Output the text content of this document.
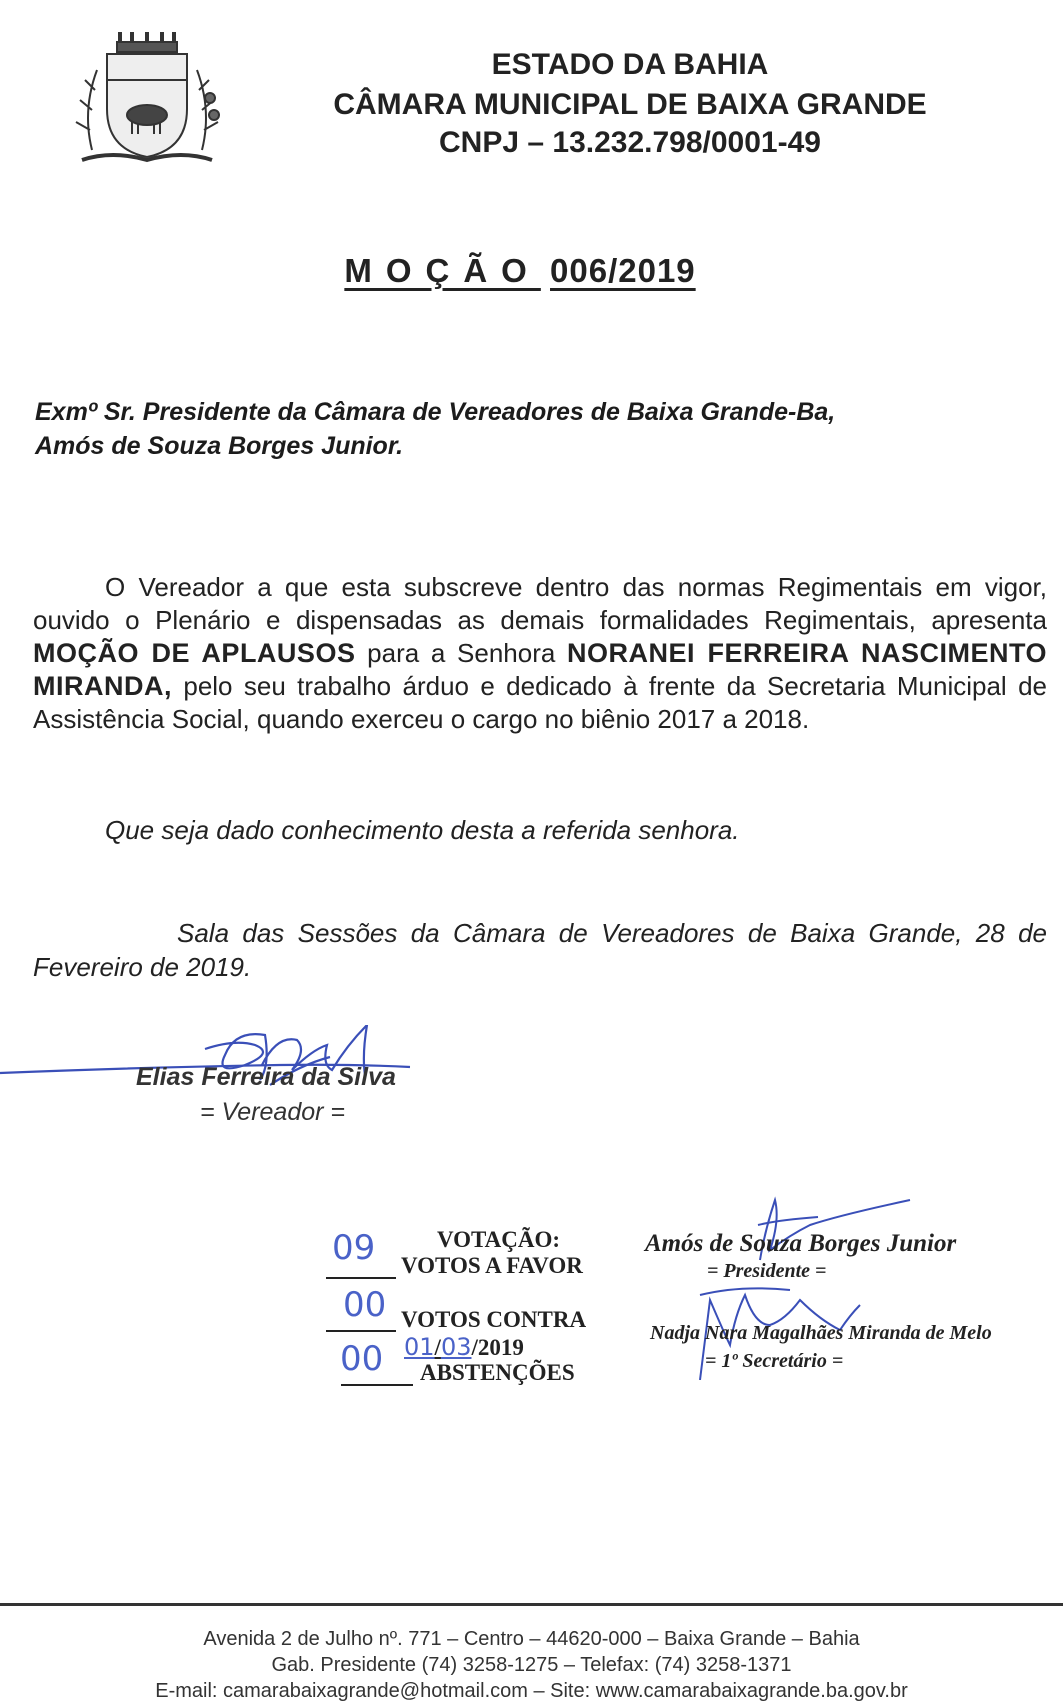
ESTADO DA BAHIA
CÂMARA MUNICIPAL DE BAIXA GRANDE
CNPJ – 13.232.798/0001-49
MOÇÃO 006/2019
Exmº Sr. Presidente da Câmara de Vereadores de Baixa Grande-Ba,
Amós de Souza Borges Junior.
O Vereador a que esta subscreve dentro das normas Regimentais em vigor, ouvido o Plenário e dispensadas as demais formalidades Regimentais, apresenta MOÇÃO DE APLAUSOS para a Senhora NORANEI FERREIRA NASCIMENTO MIRANDA, pelo seu trabalho árduo e dedicado à frente da Secretaria Municipal de Assistência Social, quando exerceu o cargo no biênio 2017 a 2018.
Que seja dado conhecimento desta a referida senhora.
Sala das Sessões da Câmara de Vereadores de Baixa Grande, 28 de Fevereiro de 2019.
Elias Ferreira da Silva
= Vereador =
VOTAÇÃO:
09 VOTOS A FAVOR
00 VOTOS CONTRA
01/03/2019
00 ABSTENÇÕES
Amós de Souza Borges Junior
= Presidente =
Nadja Nara Magalhães Miranda de Melo
= 1º Secretário =
Avenida 2 de Julho nº. 771 – Centro – 44620-000 – Baixa Grande – Bahia
Gab. Presidente (74) 3258-1275 – Telefax: (74) 3258-1371
E-mail: camarabaixagrande@hotmail.com – Site: www.camarabaixagrande.ba.gov.br
